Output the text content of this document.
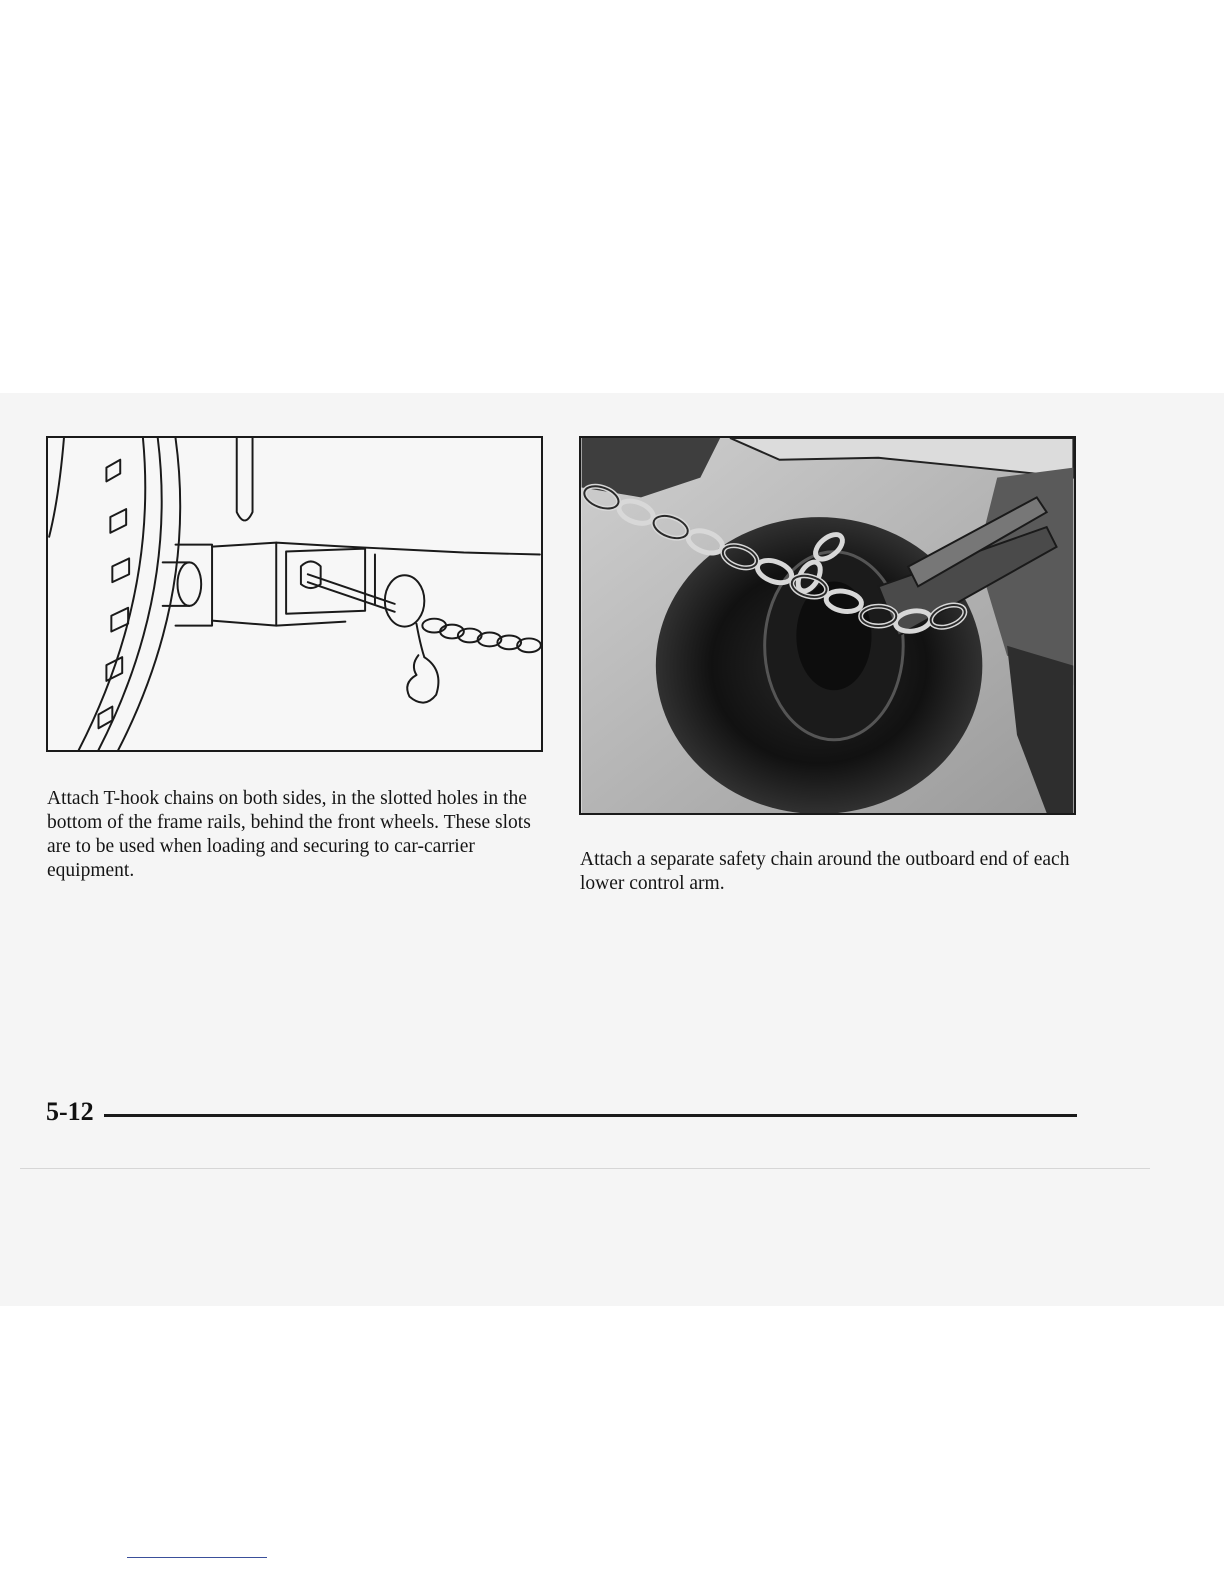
Attach T-hook chains on both sides, in the slotted holes in the bottom of the frame rails, behind the front wheels. These slots are to be used when loading and securing to car-carrier equipment.

Attach a separate safety chain around the outboard end of each lower control arm.

5-12
